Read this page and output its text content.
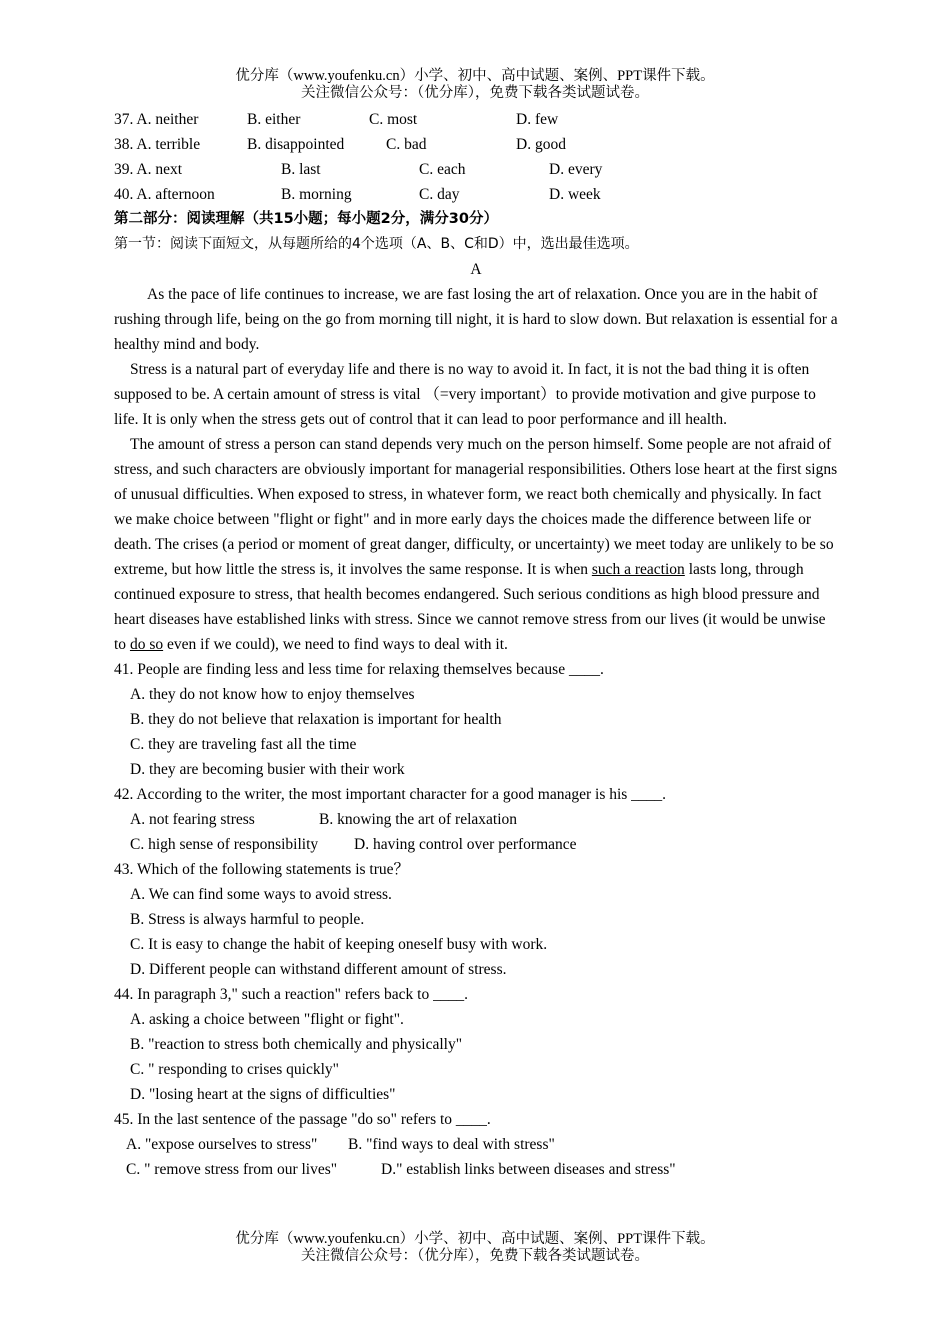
优分库（www.youfenku.cn）小学、初中、高中试题、案例、PPT课件下载。
关注微信公众号：（优分库），免费下载各类试题试卷。
37. A. neither	B. either	C. most	D. few
38. A. terrible	B. disappointed	C. bad	D. good
39. A. next	B. last	C. each	D. every
40. A. afternoon	B. morning	C. day	D. week
第二部分：阅读理解（共15小题；每小题2分，满分30分）
第一节：阅读下面短文，从每题所给的4个选项（A、B、C和D）中，选出最佳选项。
A

As the pace of life continues to increase, we are fast losing the art of relaxation. Once you are in the habit of rushing through life, being on the go from morning till night, it is hard to slow down. But relaxation is essential for a healthy mind and body.

Stress is a natural part of everyday life and there is no way to avoid it. In fact, it is not the bad thing it is often supposed to be. A certain amount of stress is vital （=very important）to provide motivation and give purpose to life. It is only when the stress gets out of control that it can lead to poor performance and ill health.

The amount of stress a person can stand depends very much on the person himself. Some people are not afraid of stress, and such characters are obviously important for managerial responsibilities. Others lose heart at the first signs of unusual difficulties. When exposed to stress, in whatever form, we react both chemically and physically. In fact we make choice between "flight or fight" and in more early days the choices made the difference between life or death. The crises (a period or moment of great danger, difficulty, or uncertainty) we meet today are unlikely to be so extreme, but how little the stress is, it involves the same response. It is when such a reaction lasts long, through continued exposure to stress, that health becomes endangered. Such serious conditions as high blood pressure and heart diseases have established links with stress. Since we cannot remove stress from our lives (it would be unwise to do so even if we could), we need to find ways to deal with it.

41. People are finding less and less time for relaxing themselves because ____.
A. they do not know how to enjoy themselves
B. they do not believe that relaxation is important for health
C. they are traveling fast all the time
D. they are becoming busier with their work
42. According to the writer, the most important character for a good manager is his ____.
A. not fearing stress	B. knowing the art of relaxation
C. high sense of responsibility D. having control over performance
43. Which of the following statements is true？
A. We can find some ways to avoid stress.
B. Stress is always harmful to people.
C. It is easy to change the habit of keeping oneself busy with work.
D. Different people can withstand different amount of stress.
44. In paragraph 3," such a reaction" refers back to ____.
A. asking a choice between "flight or fight".
B. "reaction to stress both chemically and physically"
C. " responding to crises quickly"
D. "losing heart at the signs of difficulties"
45. In the last sentence of the passage "do so" refers to ____.
A. "expose ourselves to stress" B. "find ways to deal with stress"
C. " remove stress from our lives"	D." establish links between diseases and stress"
优分库（www.youfenku.cn）小学、初中、高中试题、案例、PPT课件下载。
关注微信公众号：（优分库），免费下载各类试题试卷。
